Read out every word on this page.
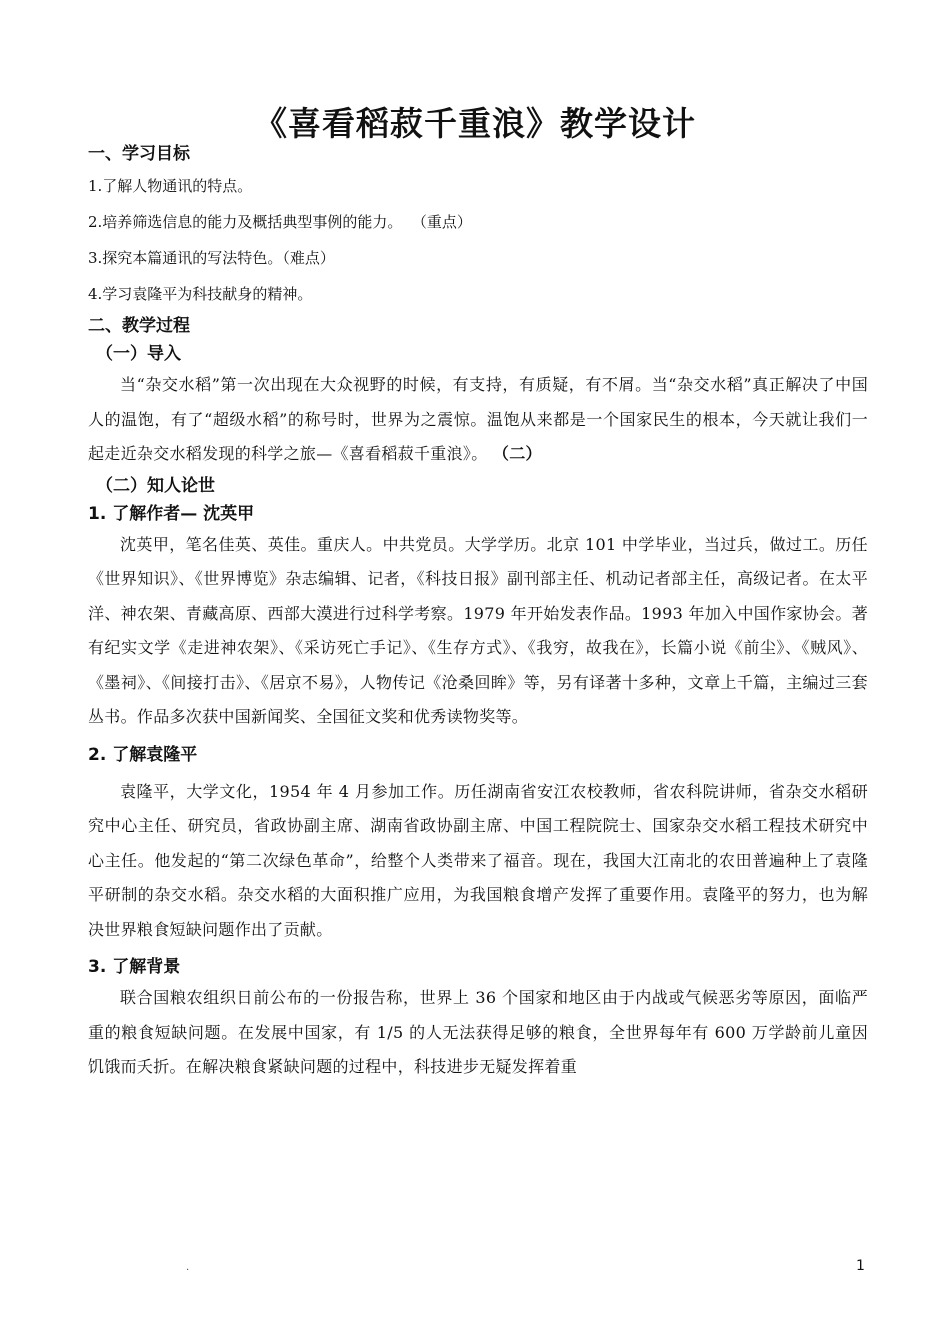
《喜看稻菽千重浪》教学设计

一、学习目标

1.了解人物通讯的特点。

2.培养筛选信息的能力及概括典型事例的能力。  （重点）

3.探究本篇通讯的写法特色。（难点）

4.学习袁隆平为科技献身的精神。

二、教学过程

（一）导入

当“杂交水稻”第一次出现在大众视野的时候，有支持，有质疑，有不屑。当“杂交水稻”真正解决了中国人的温饱，有了“超级水稻”的称号时，世界为之震惊。温饱从来都是一个国家民生的根本，今天就让我们一起走近杂交水稻发现的科学之旅—《喜看稻菽千重浪》。 （二）

（二）知人论世

1. 了解作者— 沈英甲

沈英甲，笔名佳英、英佳。重庆人。中共党员。大学学历。北京 101 中学毕业，当过兵，做过工。历任《世界知识》、《世界博览》杂志编辑、记者，《科技日报》副刊部主任、机动记者部主任，高级记者。在太平洋、神农架、青藏高原、西部大漠进行过科学考察。1979 年开始发表作品。1993 年加入中国作家协会。著有纪实文学《走进神农架》、《采访死亡手记》、《生存方式》、《我穷，故我在》，长篇小说《前尘》、《贼风》、《墨祠》、《间接打击》、《居京不易》，人物传记《沧桑回眸》等，另有译著十多种，文章上千篇，主编过三套丛书。作品多次获中国新闻奖、全国征文奖和优秀读物奖等。

2. 了解袁隆平

袁隆平，大学文化，1954 年 4 月参加工作。历任湖南省安江农校教师，省农科院讲师，省杂交水稻研究中心主任、研究员，省政协副主席、湖南省政协副主席、中国工程院院士、国家杂交水稻工程技术研究中心主任。他发起的“第二次绿色革命”，给整个人类带来了福音。现在，我国大江南北的农田普遍种上了袁隆平研制的杂交水稻。杂交水稻的大面积推广应用，为我国粮食增产发挥了重要作用。袁隆平的努力，也为解决世界粮食短缺问题作出了贡献。

3. 了解背景

联合国粮农组织日前公布的一份报告称，世界上 36 个国家和地区由于内战或气候恶劣等原因，面临严重的粮食短缺问题。在发展中国家，有 1/5 的人无法获得足够的粮食，全世界每年有 600 万学龄前儿童因饥饿而夭折。在解决粮食紧缺问题的过程中，科技进步无疑发挥着重

.	1
